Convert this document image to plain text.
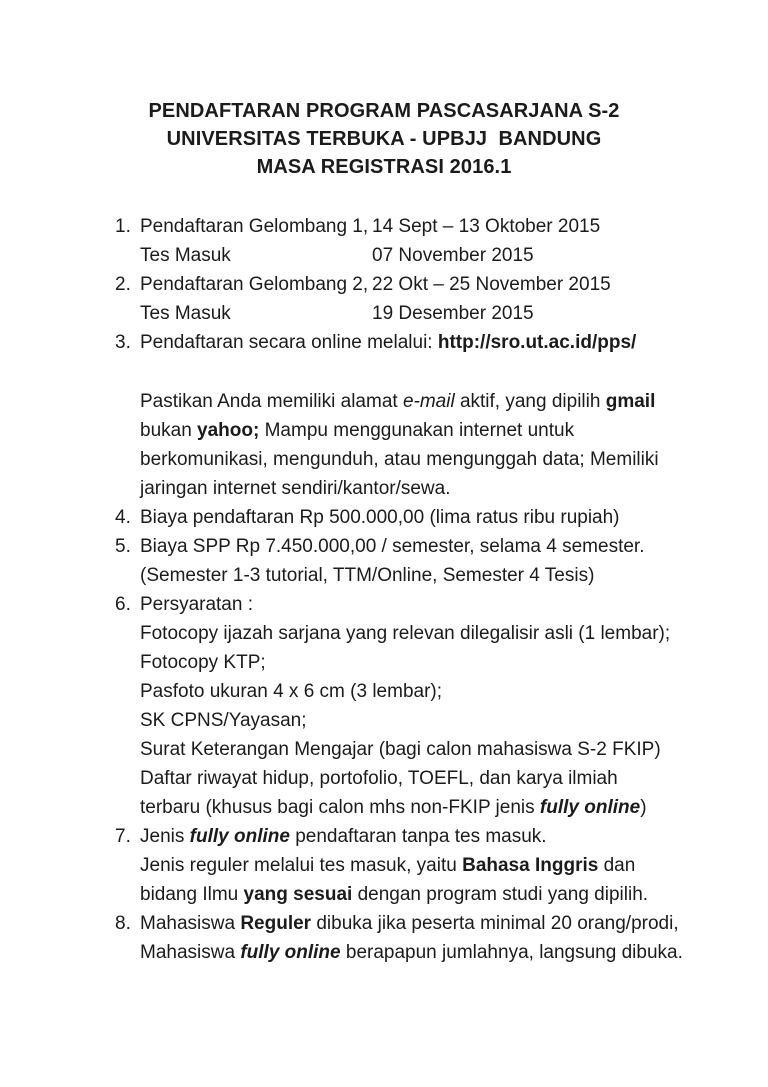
PENDAFTARAN PROGRAM PASCASARJANA S-2
UNIVERSITAS TERBUKA - UPBJJ  BANDUNG
MASA REGISTRASI 2016.1
1. Pendaftaran Gelombang 1, 14 Sept – 13 Oktober 2015
Tes Masuk	07 November 2015
2. Pendaftaran Gelombang 2, 22 Okt – 25 November 2015
Tes Masuk	19 Desember 2015
3. Pendaftaran secara online melalui: http://sro.ut.ac.id/pps/
Pastikan Anda memiliki alamat e-mail aktif, yang dipilih gmail
bukan yahoo; Mampu menggunakan internet untuk
berkomunikasi, mengunduh, atau mengunggah data; Memiliki
jaringan internet sendiri/kantor/sewa.
4. Biaya pendaftaran Rp 500.000,00 (lima ratus ribu rupiah)
5. Biaya SPP Rp 7.450.000,00 / semester, selama 4 semester.
(Semester 1-3 tutorial, TTM/Online, Semester 4 Tesis)
6. Persyaratan :
Fotocopy ijazah sarjana yang relevan dilegalisir asli (1 lembar);
Fotocopy KTP;
Pasfoto ukuran 4 x 6 cm (3 lembar);
SK CPNS/Yayasan;
Surat Keterangan Mengajar (bagi calon mahasiswa S-2 FKIP)
Daftar riwayat hidup, portofolio, TOEFL, dan karya ilmiah
terbaru (khusus bagi calon mhs non-FKIP jenis fully online)
7. Jenis fully online pendaftaran tanpa tes masuk.
Jenis reguler melalui tes masuk, yaitu Bahasa Inggris dan
bidang Ilmu yang sesuai dengan program studi yang dipilih.
8. Mahasiswa Reguler dibuka jika peserta minimal 20 orang/prodi,
Mahasiswa fully online berapapun jumlahnya, langsung dibuka.
